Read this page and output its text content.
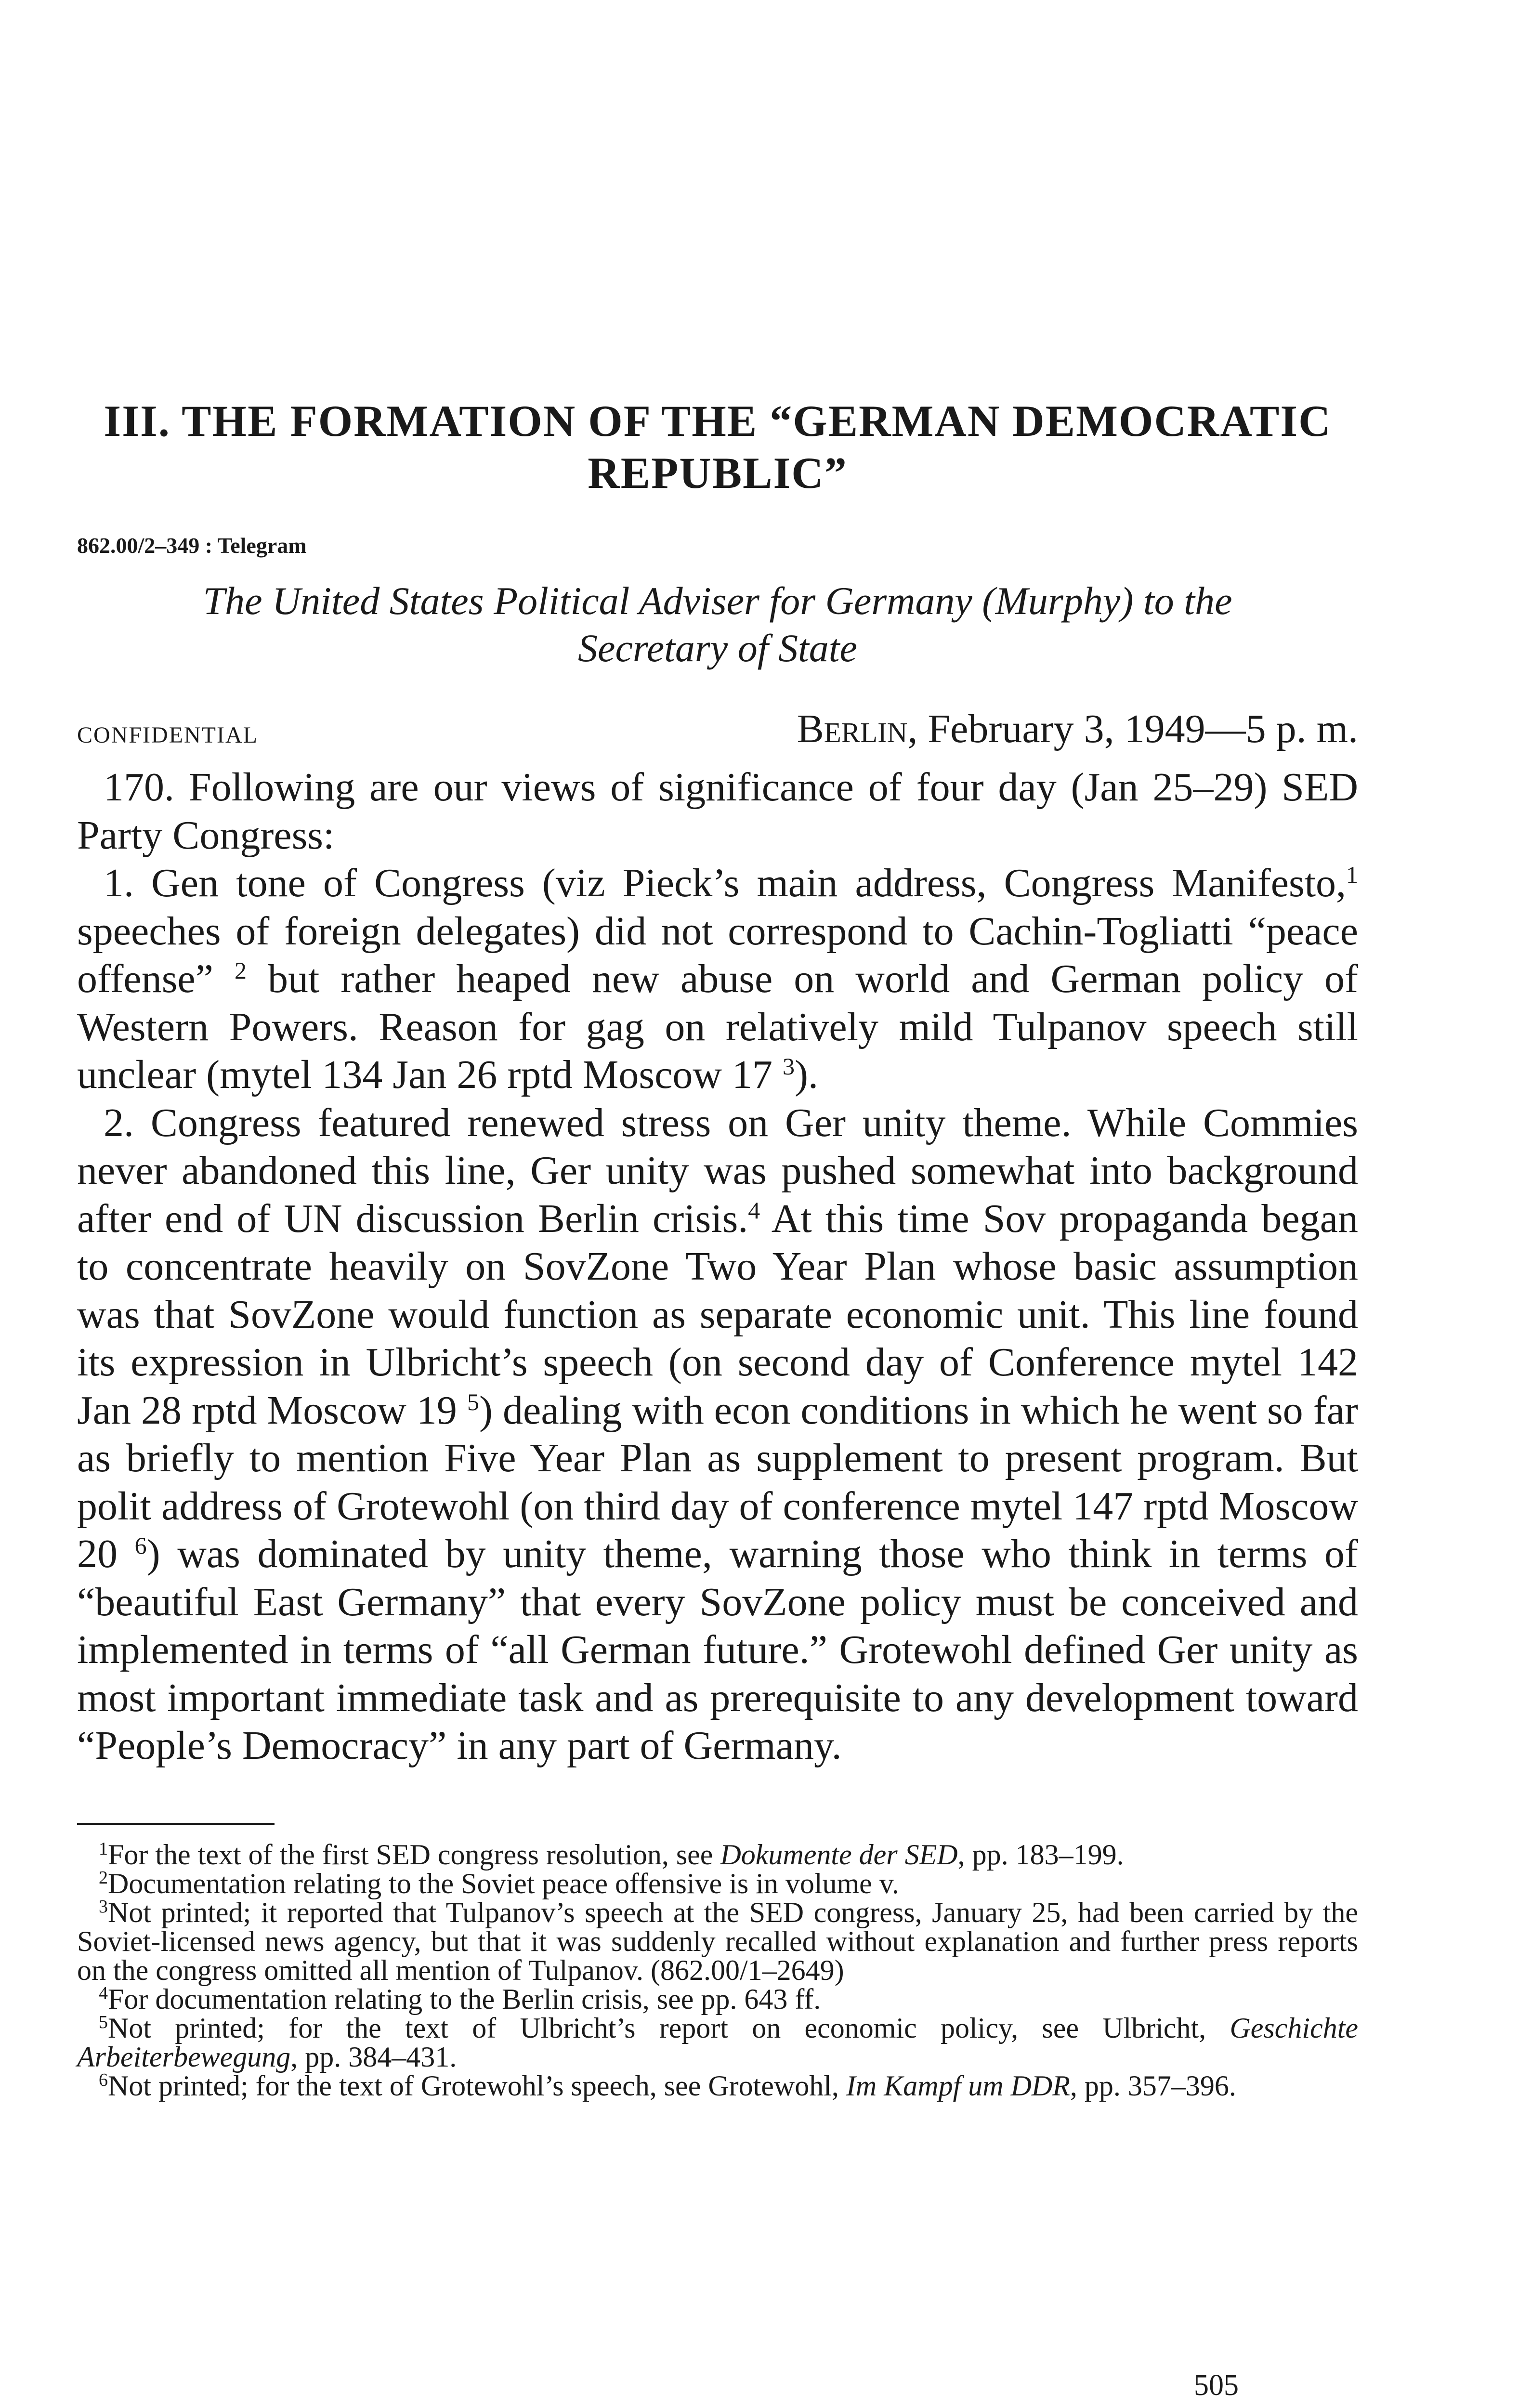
III. THE FORMATION OF THE “GERMAN DEMOCRATIC
REPUBLIC”
862.00/2–349 : Telegram
The United States Political Adviser for Germany (Murphy) to the
Secretary of State
CONFIDENTIAL	Berlin, February 3, 1949—5 p. m.

170. Following are our views of significance of four day (Jan 25–29) SED Party Congress:

1. Gen tone of Congress (viz Pieck’s main address, Congress Manifesto,$^1$ speeches of foreign delegates) did not correspond to Cachin-Togliatti “peace offense” $^2$ but rather heaped new abuse on world and German policy of Western Powers. Reason for gag on relatively mild Tulpanov speech still unclear (mytel 134 Jan 26 rptd Moscow 17 $^3$).

2. Congress featured renewed stress on Ger unity theme. While Commies never abandoned this line, Ger unity was pushed somewhat into background after end of UN discussion Berlin crisis.$^4$ At this time Sov propaganda began to concentrate heavily on SovZone Two Year Plan whose basic assumption was that SovZone would function as separate economic unit. This line found its expression in Ulbricht’s speech (on second day of Conference mytel 142 Jan 28 rptd Moscow 19 $^5$) dealing with econ conditions in which he went so far as briefly to mention Five Year Plan as supplement to present program. But polit address of Grotewohl (on third day of conference mytel 147 rptd Moscow 20 $^6$) was dominated by unity theme, warning those who think in terms of “beautiful East Germany” that every SovZone policy must be conceived and implemented in terms of “all German future.” Grotewohl defined Ger unity as most important immediate task and as prerequisite to any development toward “People’s Democracy” in any part of Germany.

$^1$For the text of the first SED congress resolution, see Dokumente der SED, pp. 183–199.

$^2$Documentation relating to the Soviet peace offensive is in volume v.

$^3$Not printed; it reported that Tulpanov’s speech at the SED congress, January 25, had been carried by the Soviet-licensed news agency, but that it was suddenly recalled without explanation and further press reports on the congress omitted all mention of Tulpanov. (862.00/1–2649)

$^4$For documentation relating to the Berlin crisis, see pp. 643 ff.

$^5$Not printed; for the text of Ulbricht’s report on economic policy, see Ulbricht, Geschichte Arbeiterbewegung, pp. 384–431.

$^6$Not printed; for the text of Grotewohl’s speech, see Grotewohl, Im Kampf um DDR, pp. 357–396.

505
